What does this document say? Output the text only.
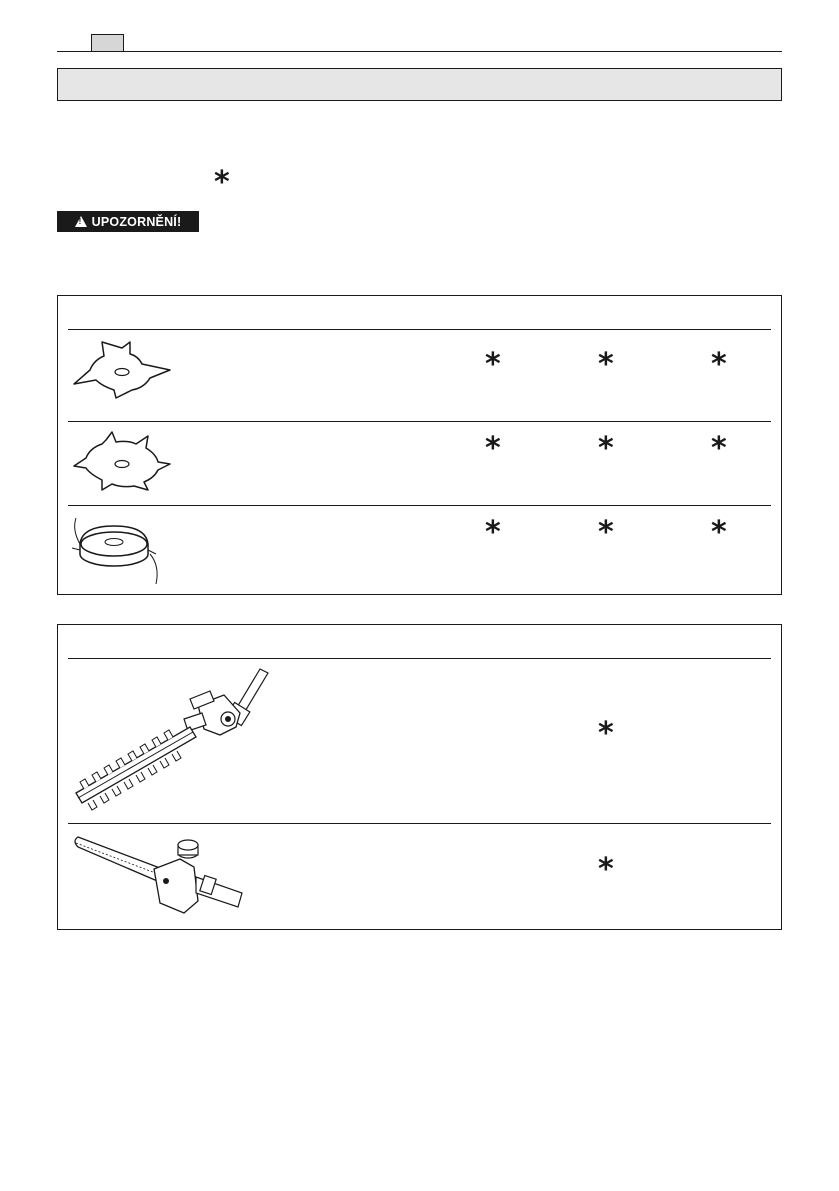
*
!
UPOZORNĚNÍ!
*	*	*
*	*	*
*	*	*
*
*
